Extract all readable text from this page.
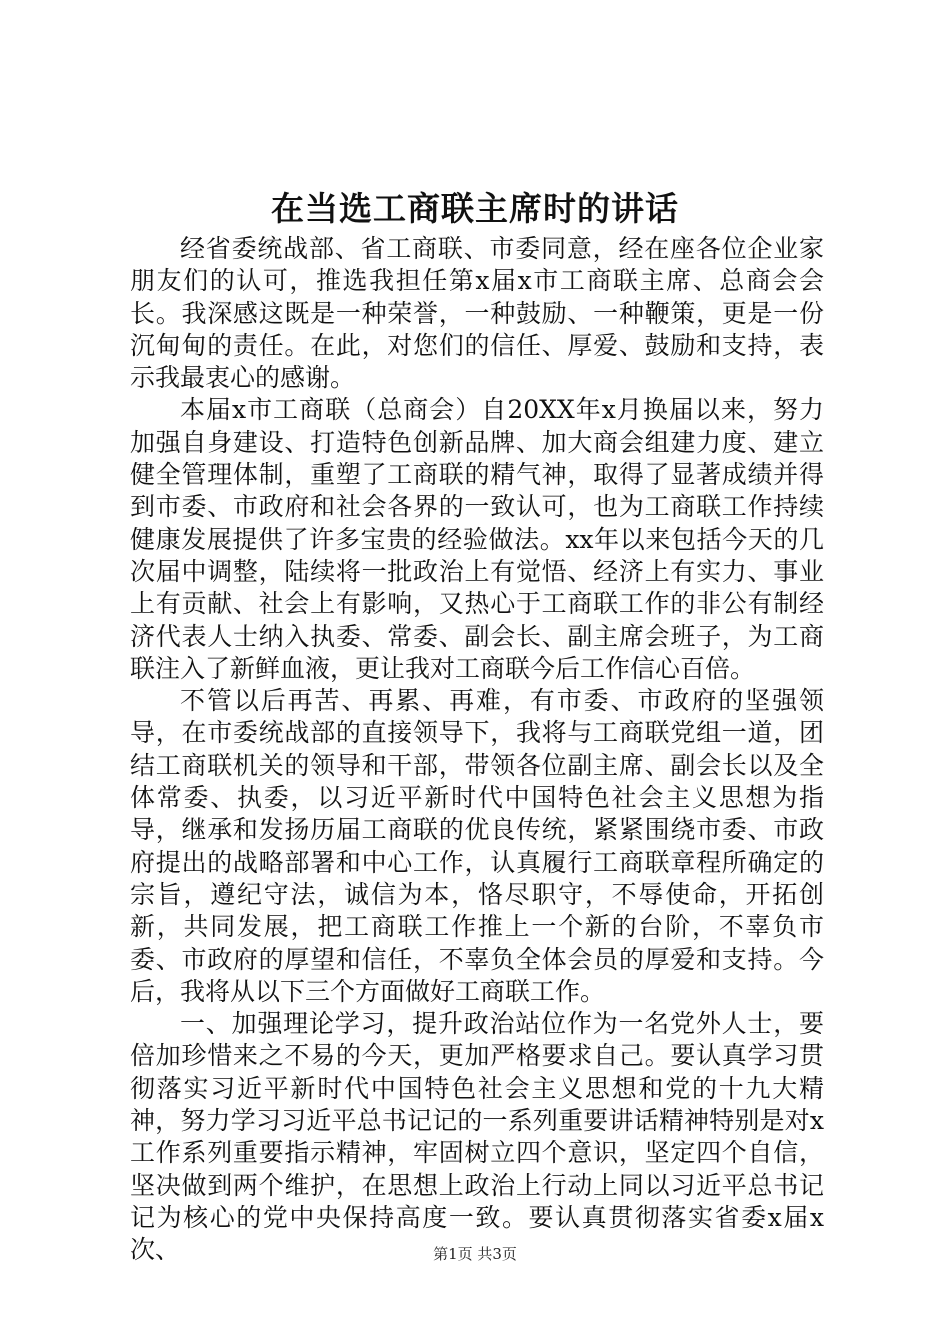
在当选工商联主席时的讲话

经省委统战部、省工商联、市委同意，经在座各位企业家朋友们的认可，推选我担任第x届x市工商联主席、总商会会长。我深感这既是一种荣誉，一种鼓励、一种鞭策，更是一份沉甸甸的责任。在此，对您们的信任、厚爱、鼓励和支持，表示我最衷心的感谢。

本届x市工商联（总商会）自20XX年x月换届以来，努力加强自身建设、打造特色创新品牌、加大商会组建力度、建立健全管理体制，重塑了工商联的精气神，取得了显著成绩并得到市委、市政府和社会各界的一致认可，也为工商联工作持续健康发展提供了许多宝贵的经验做法。xx年以来包括今天的几次届中调整，陆续将一批政治上有觉悟、经济上有实力、事业上有贡献、社会上有影响，又热心于工商联工作的非公有制经济代表人士纳入执委、常委、副会长、副主席会班子，为工商联注入了新鲜血液，更让我对工商联今后工作信心百倍。

不管以后再苦、再累、再难，有市委、市政府的坚强领导，在市委统战部的直接领导下，我将与工商联党组一道，团结工商联机关的领导和干部，带领各位副主席、副会长以及全体常委、执委，以习近平新时代中国特色社会主义思想为指导，继承和发扬历届工商联的优良传统，紧紧围绕市委、市政府提出的战略部署和中心工作，认真履行工商联章程所确定的宗旨，遵纪守法，诚信为本，恪尽职守，不辱使命，开拓创新，共同发展，把工商联工作推上一个新的台阶，不辜负市委、市政府的厚望和信任，不辜负全体会员的厚爱和支持。今后，我将从以下三个方面做好工商联工作。

一、加强理论学习，提升政治站位作为一名党外人士，要倍加珍惜来之不易的今天，更加严格要求自己。要认真学习贯彻落实习近平新时代中国特色社会主义思想和党的十九大精神，努力学习习近平总书记记的一系列重要讲话精神特别是对x工作系列重要指示精神，牢固树立四个意识，坚定四个自信，坚决做到两个维护，在思想上政治上行动上同以习近平总书记记为核心的党中央保持高度一致。要认真贯彻落实省委x届x次、	第1页 共3页
